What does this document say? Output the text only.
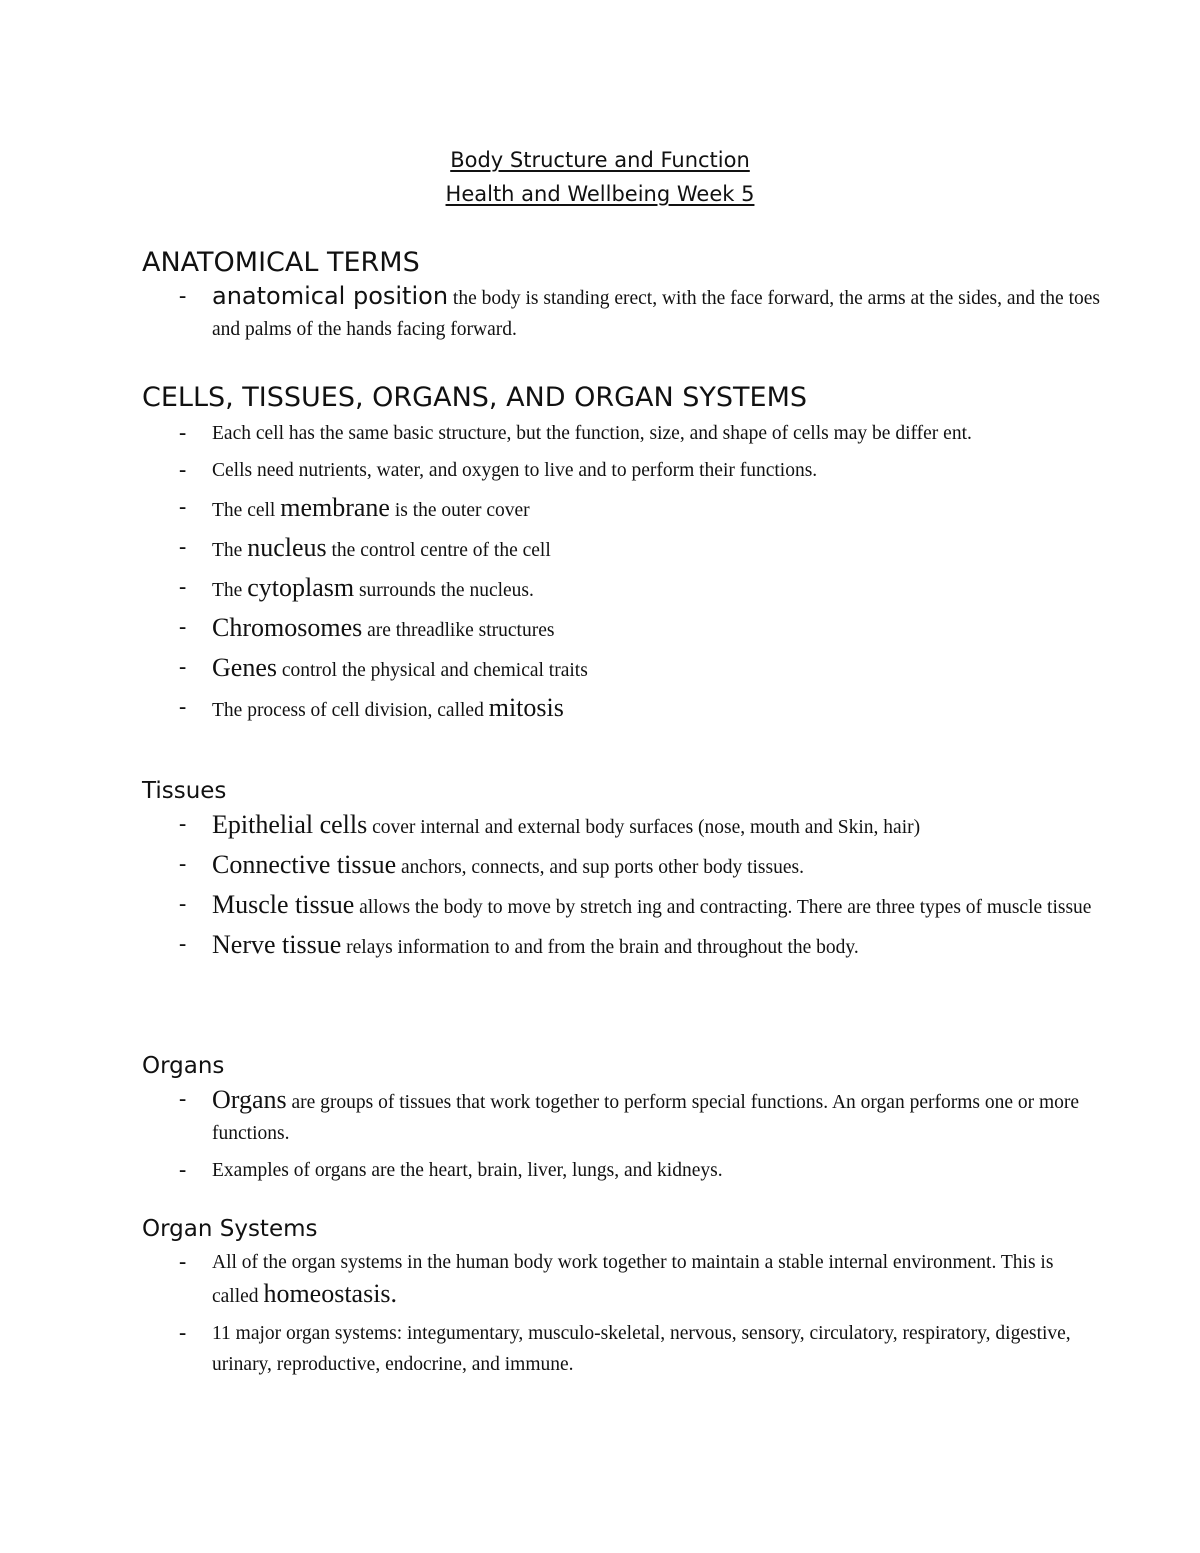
Body Structure and Function
Health and Wellbeing Week 5
ANATOMICAL TERMS
- anatomical position the body is standing erect, with the face forward, the arms at the sides, and the toes and palms of the hands facing forward.
CELLS, TISSUES, ORGANS, AND ORGAN SYSTEMS
- Each cell has the same basic structure, but the function, size, and shape of cells may be differ ent.
- Cells need nutrients, water, and oxygen to live and to perform their functions.
- The cell membrane is the outer cover
- The nucleus the control centre of the cell
- The cytoplasm surrounds the nucleus.
- Chromosomes are threadlike structures
- Genes control the physical and chemical traits
- The process of cell division, called mitosis
Tissues
- Epithelial cells cover internal and external body surfaces (nose, mouth and Skin, hair)
- Connective tissue anchors, connects, and sup ports other body tissues.
- Muscle tissue allows the body to move by stretch ing and contracting. There are three types of muscle tissue
- Nerve tissue relays information to and from the brain and throughout the body.
Organs
- Organs are groups of tissues that work together to perform special functions. An organ performs one or more functions.
- Examples of organs are the heart, brain, liver, lungs, and kidneys.
Organ Systems
- All of the organ systems in the human body work together to maintain a stable internal environment. This is called homeostasis.
- 11 major organ systems: integumentary, musculo-skeletal, nervous, sensory, circulatory, respiratory, digestive, urinary, reproductive, endocrine, and immune.
